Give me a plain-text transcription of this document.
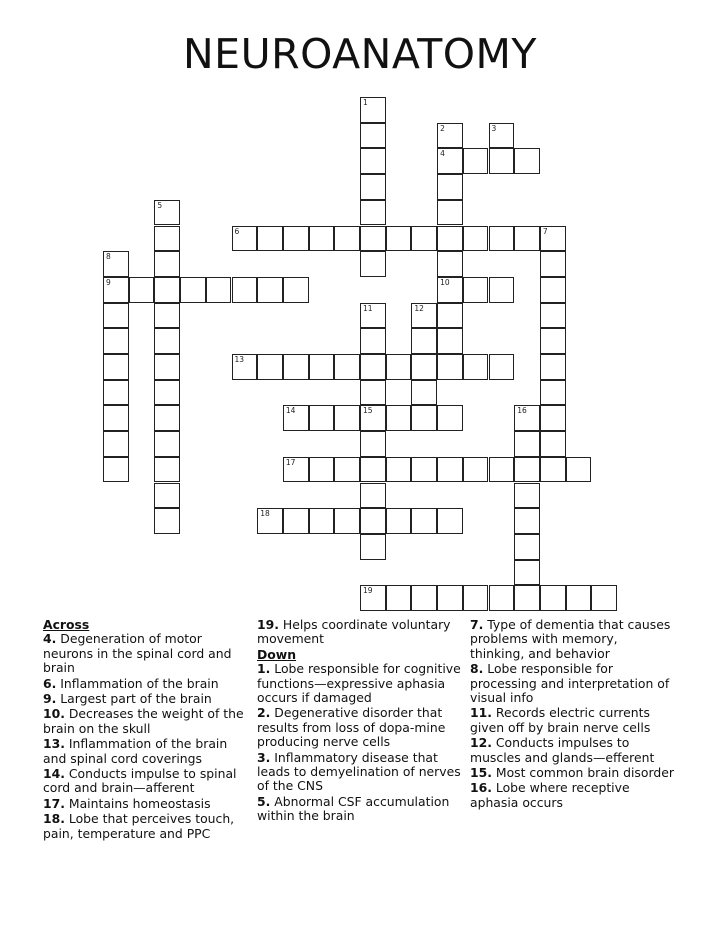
NEUROANATOMY
1
2
4
10
3
5
6	7
8
9
11
15
12
13
14	16
17
18
19
Across
4. Degeneration of motor neurons in the spinal cord and brain
6. Inflammation of the brain
9. Largest part of the brain
10. Decreases the weight of the brain on the skull
13. Inflammation of the brain and spinal cord coverings
14. Conducts impulse to spinal cord and brain—afferent
17. Maintains homeostasis
18. Lobe that perceives touch, pain, temperature and PPC
19. Helps coordinate voluntary movement
Down
1. Lobe responsible for cognitive functions—expressive aphasia occurs if damaged
2. Degenerative disorder that results from loss of dopa-mine producing nerve cells
3. Inflammatory disease that leads to demyelination of nerves of the CNS
5. Abnormal CSF accumulation within the brain
7. Type of dementia that causes problems with memory, thinking, and behavior
8. Lobe responsible for processing and interpretation of visual info
11. Records electric currents given off by brain nerve cells
12. Conducts impulses to muscles and glands—efferent
15. Most common brain disorder
16. Lobe where receptive aphasia occurs
